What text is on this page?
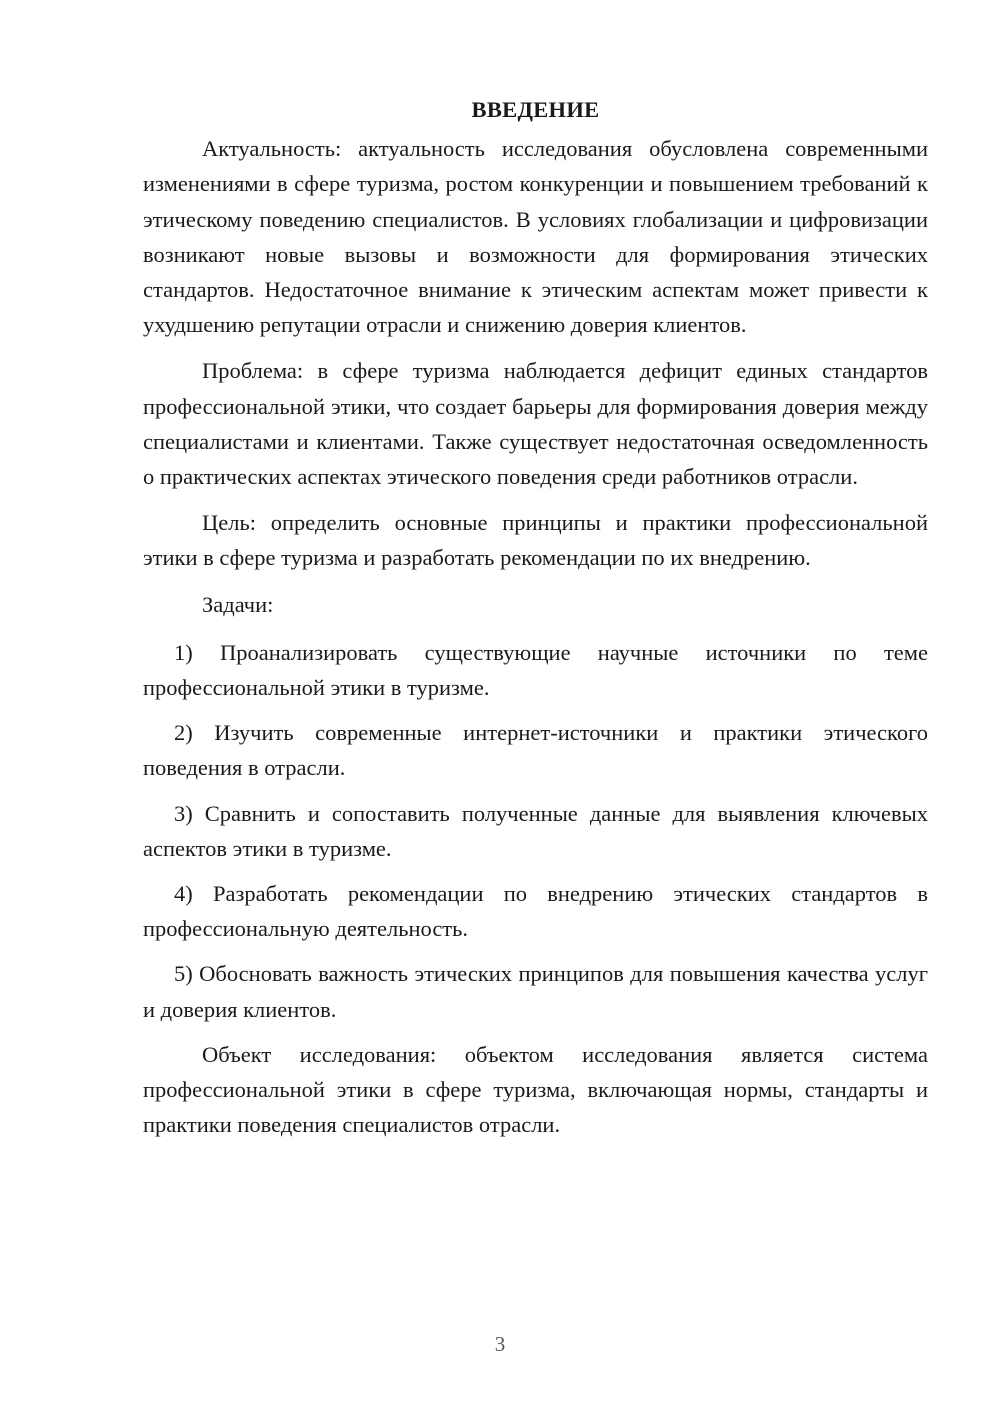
ВВЕДЕНИЕ

Актуальность: актуальность исследования обусловлена современными изменениями в сфере туризма, ростом конкуренции и повышением требований к этическому поведению специалистов. В условиях глобализации и цифровизации возникают новые вызовы и возможности для формирования этических стандартов. Недостаточное внимание к этическим аспектам может привести к ухудшению репутации отрасли и снижению доверия клиентов.

Проблема: в сфере туризма наблюдается дефицит единых стандартов профессиональной этики, что создает барьеры для формирования доверия между специалистами и клиентами. Также существует недостаточная осведомленность о практических аспектах этического поведения среди работников отрасли.

Цель: определить основные принципы и практики профессиональной этики в сфере туризма и разработать рекомендации по их внедрению.

Задачи:

1) Проанализировать существующие научные источники по теме профессиональной этики в туризме.

2) Изучить современные интернет-источники и практики этического поведения в отрасли.

3) Сравнить и сопоставить полученные данные для выявления ключевых аспектов этики в туризме.

4) Разработать рекомендации по внедрению этических стандартов в профессиональную деятельность.

5) Обосновать важность этических принципов для повышения качества услуг и доверия клиентов.

Объект исследования: объектом исследования является система профессиональной этики в сфере туризма, включающая нормы, стандарты и практики поведения специалистов отрасли.

3
